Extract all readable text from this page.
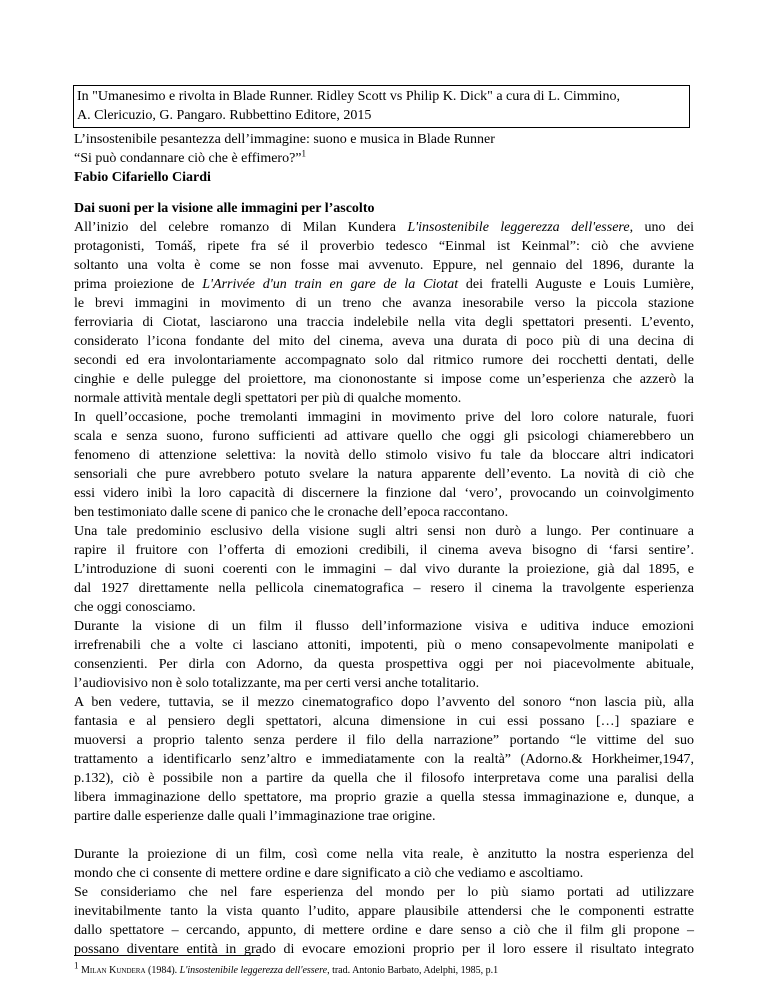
In "Umanesimo e rivolta in Blade Runner. Ridley Scott vs Philip K. Dick" a cura di L. Cimmino,
A. Clericuzio, G. Pangaro. Rubbettino Editore, 2015
L’insostenibile pesantezza dell’immagine: suono e musica in Blade Runner
“Si può condannare ciò che è effimero?”$^1$
Fabio Cifariello Ciardi
Dai suoni per la visione alle immagini per l’ascolto

All’inizio del celebre romanzo di Milan Kundera L'insostenibile leggerezza dell'essere, uno dei
protagonisti, Tomáš, ripete fra sé il proverbio tedesco “Einmal ist Keinmal”: ciò che avviene
soltanto una volta è come se non fosse mai avvenuto. Eppure, nel gennaio del 1896, durante la
prima proiezione de L'Arrivée d'un train en gare de la Ciotat dei fratelli Auguste e Louis Lumière,
le brevi immagini in movimento di un treno che avanza inesorabile verso la piccola stazione
ferroviaria di Ciotat, lasciarono una traccia indelebile nella vita degli spettatori presenti. L’evento,
considerato l’icona fondante del mito del cinema, aveva una durata di poco più di una decina di
secondi ed era involontariamente accompagnato solo dal ritmico rumore dei rocchetti dentati, delle
cinghie e delle pulegge del proiettore, ma ciononostante si impose come un’esperienza che azzerò la
normale attività mentale degli spettatori per più di qualche momento.

In quell’occasione, poche tremolanti immagini in movimento prive del loro colore naturale, fuori
scala e senza suono, furono sufficienti ad attivare quello che oggi gli psicologi chiamerebbero un
fenomeno di attenzione selettiva: la novità dello stimolo visivo fu tale da bloccare altri indicatori
sensoriali che pure avrebbero potuto svelare la natura apparente dell’evento. La novità di ciò che
essi videro inibì la loro capacità di discernere la finzione dal ‘vero’, provocando un coinvolgimento
ben testimoniato dalle scene di panico che le cronache dell’epoca raccontano.

Una tale predominio esclusivo della visione sugli altri sensi non durò a lungo. Per continuare a
rapire il fruitore con l’offerta di emozioni credibili, il cinema aveva bisogno di ‘farsi sentire’.
L’introduzione di suoni coerenti con le immagini – dal vivo durante la proiezione, già dal 1895, e
dal 1927 direttamente nella pellicola cinematografica – resero il cinema la travolgente esperienza
che oggi conosciamo.

Durante la visione di un film il flusso dell’informazione visiva e uditiva induce emozioni
irrefrenabili che a volte ci lasciano attoniti, impotenti, più o meno consapevolmente manipolati e
consenzienti. Per dirla con Adorno, da questa prospettiva oggi per noi piacevolmente abituale,
l’audiovisivo non è solo totalizzante, ma per certi versi anche totalitario.

A ben vedere, tuttavia, se il mezzo cinematografico dopo l’avvento del sonoro “non lascia più, alla
fantasia e al pensiero degli spettatori, alcuna dimensione in cui essi possano […] spaziare e
muoversi a proprio talento senza perdere il filo della narrazione” portando “le vittime del suo
trattamento a identificarlo senz’altro e immediatamente con la realtà” (Adorno.& Horkheimer,1947,
p.132), ciò è possibile non a partire da quella che il filosofo interpretava come una paralisi della
libera immaginazione dello spettatore, ma proprio grazie a quella stessa immaginazione e, dunque, a
partire dalle esperienze dalle quali l’immaginazione trae origine.

Durante la proiezione di un film, così come nella vita reale, è anzitutto la nostra esperienza del
mondo che ci consente di mettere ordine e dare significato a ciò che vediamo e ascoltiamo.

Se consideriamo che nel fare esperienza del mondo per lo più siamo portati ad utilizzare
inevitabilmente tanto la vista quanto l’udito, appare plausibile attendersi che le componenti estratte
dallo spettatore – cercando, appunto, di mettere ordine e dare senso a ciò che il film gli propone –
possano diventare entità in grado di evocare emozioni proprio per il loro essere il risultato integrato

$^1$ Milan Kundera (1984). L'insostenibile leggerezza dell'essere, trad. Antonio Barbato, Adelphi, 1985, p.1
